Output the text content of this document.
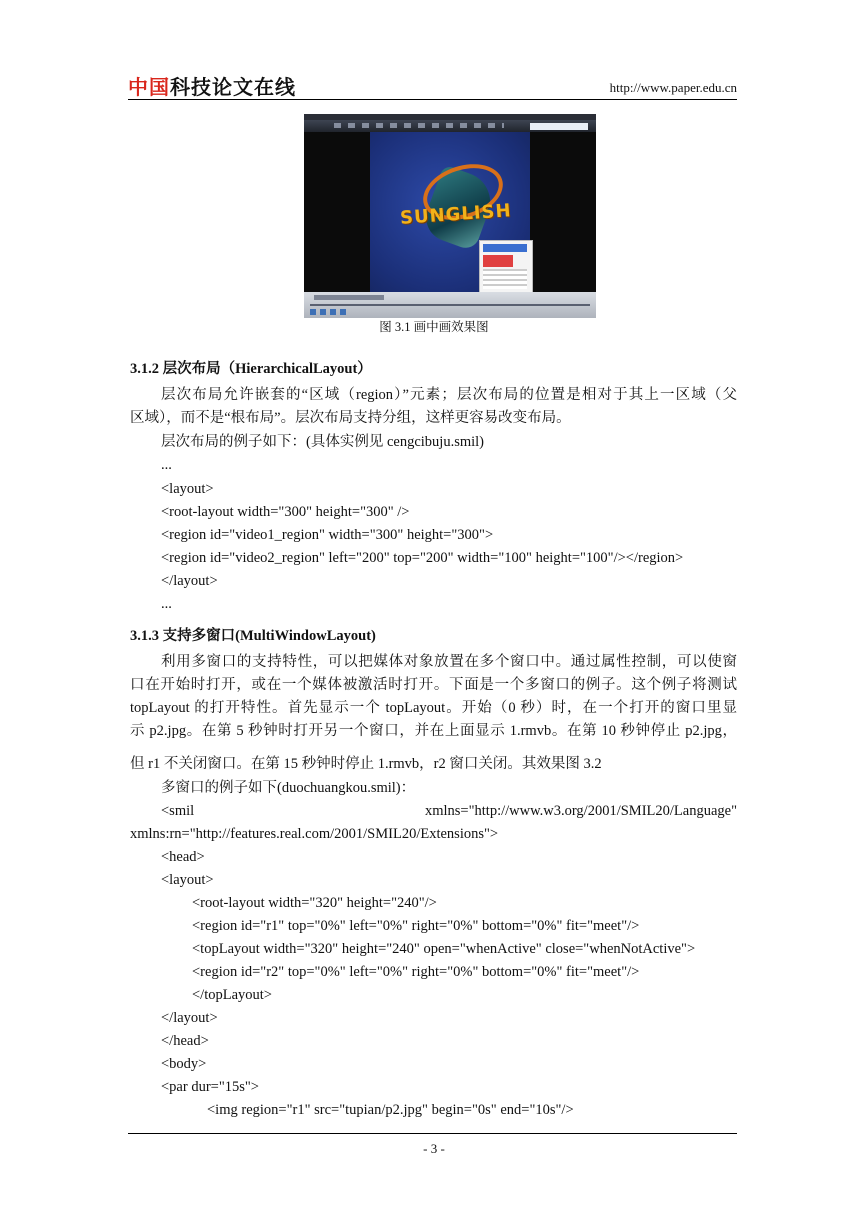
中国科技论文在线	http://www.paper.edu.cn
SUNGLISH
图 3.1 画中画效果图
3.1.2 层次布局（HierarchicalLayout）
层次布局允许嵌套的“区域（region）”元素；层次布局的位置是相对于其上一区域（父
区域），而不是“根布局”。层次布局支持分组，这样更容易改变布局。
层次布局的例子如下：(具体实例见 cengcibuju.smil)
...
<layout>
<root-layout width="300" height="300" />
<region id="video1_region" width="300" height="300">
<region id="video2_region" left="200" top="200" width="100" height="100"/></region>
</layout>
...
3.1.3 支持多窗口(MultiWindowLayout)
利用多窗口的支持特性，可以把媒体对象放置在多个窗口中。通过属性控制，可以使窗
口在开始时打开，或在一个媒体被激活时打开。下面是一个多窗口的例子。这个例子将测试
topLayout 的打开特性。首先显示一个 topLayout。开始（0 秒）时，在一个打开的窗口里显
示 p2.jpg。在第 5 秒钟时打开另一个窗口，并在上面显示 1.rmvb。在第 10 秒钟停止 p2.jpg，
但 r1 不关闭窗口。在第 15 秒钟时停止 1.rmvb，r2 窗口关闭。其效果图 3.2
多窗口的例子如下(duochuangkou.smil)：
<smil	xmlns="http://www.w3.org/2001/SMIL20/Language"
xmlns:rn="http://features.real.com/2001/SMIL20/Extensions">
<head>
<layout>
<root-layout width="320" height="240"/>
<region id="r1" top="0%" left="0%" right="0%" bottom="0%" fit="meet"/>
<topLayout width="320" height="240" open="whenActive" close="whenNotActive">
<region id="r2" top="0%" left="0%" right="0%" bottom="0%" fit="meet"/>
</topLayout>
</layout>
</head>
<body>
<par dur="15s">
<img region="r1" src="tupian/p2.jpg" begin="0s" end="10s"/>
- 3 -
